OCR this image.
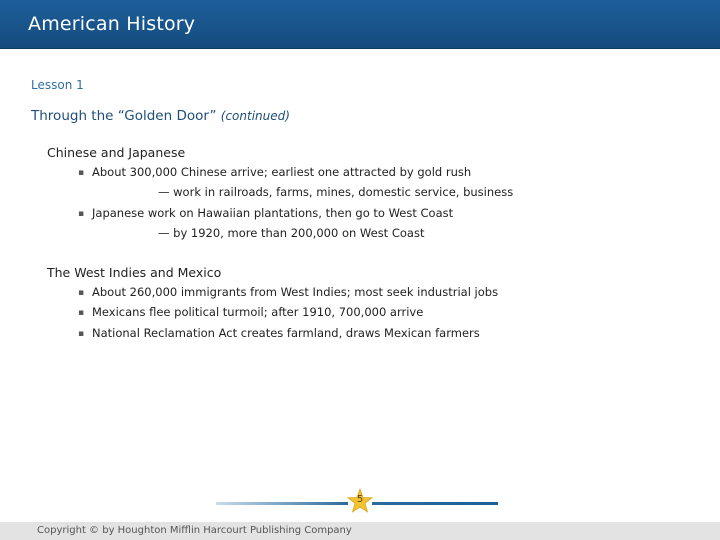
American History
Lesson 1
Through the “Golden Door” (continued)
Chinese and Japanese
▪ About 300,000 Chinese arrive; earliest one attracted by gold rush
— work in railroads, farms, mines, domestic service, business
▪ Japanese work on Hawaiian plantations, then go to West Coast
— by 1920, more than 200,000 on West Coast
The West Indies and Mexico
▪ About 260,000 immigrants from West Indies; most seek industrial jobs
▪ Mexicans flee political turmoil; after 1910, 700,000 arrive
▪ National Reclamation Act creates farmland, draws Mexican farmers
5
Copyright © by Houghton Mifflin Harcourt Publishing Company
